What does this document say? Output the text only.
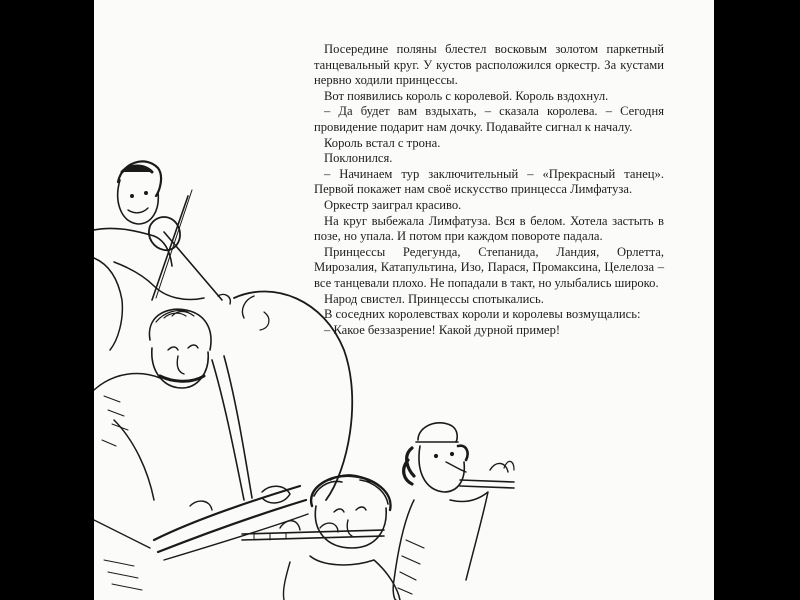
Посередине поляны блестел восковым золотом паркетный танцевальный круг. У кустов расположился оркестр. За кустами нервно ходили принцессы.

Вот появились король с королевой. Король вздохнул.

– Да будет вам вздыхать, – сказала королева. – Сегодня провидение подарит нам дочку. Подавайте сигнал к началу.

Король встал с трона.

Поклонился.

– Начинаем тур заключительный – «Прекрасный танец». Первой покажет нам своё искусство принцесса Лимфатуза.

Оркестр заиграл красиво.

На круг выбежала Лимфатуза. Вся в белом. Хотела застыть в позе, но упала. И потом при каждом повороте падала.

Принцессы Редегунда, Степанида, Ландия, Орлетта, Мирозалия, Катапультина, Изо, Парася, Промаксина, Целелоза – все танцевали плохо. Не попадали в такт, но улыбались широко.

Народ свистел. Принцессы спотыкались.

В соседних королевствах короли и королевы возмущались:

– Какое беззазрение! Какой дурной пример!
